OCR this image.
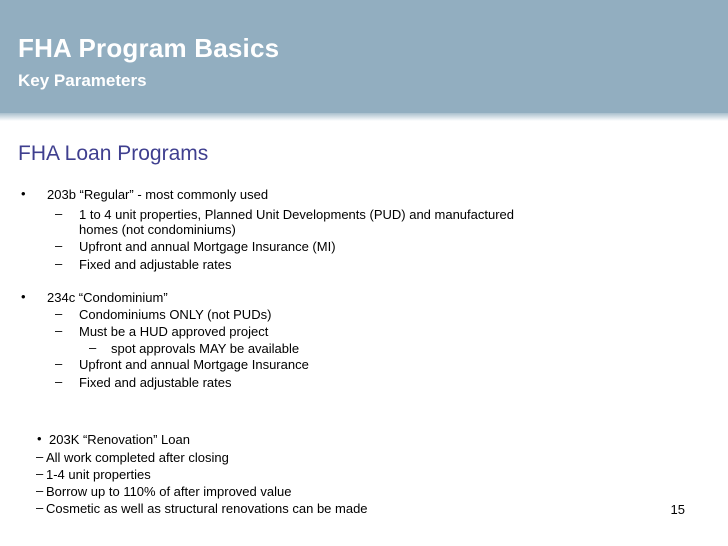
FHA Program Basics
Key Parameters
FHA Loan Programs
• 203b “Regular” - most commonly used
– 1 to 4 unit properties, Planned Unit Developments (PUD) and manufactured
homes (not condominiums)
– Upfront and annual Mortgage Insurance (MI)
– Fixed and adjustable rates
• 234c “Condominium”
– Condominiums ONLY (not PUDs)
– Must be a HUD approved project
– spot approvals MAY be available
– Upfront and annual Mortgage Insurance
– Fixed and adjustable rates
• 203K “Renovation” Loan
– All work completed after closing
– 1-4 unit properties
– Borrow up to 110% of after improved value
– Cosmetic as well as structural renovations can be made	15
